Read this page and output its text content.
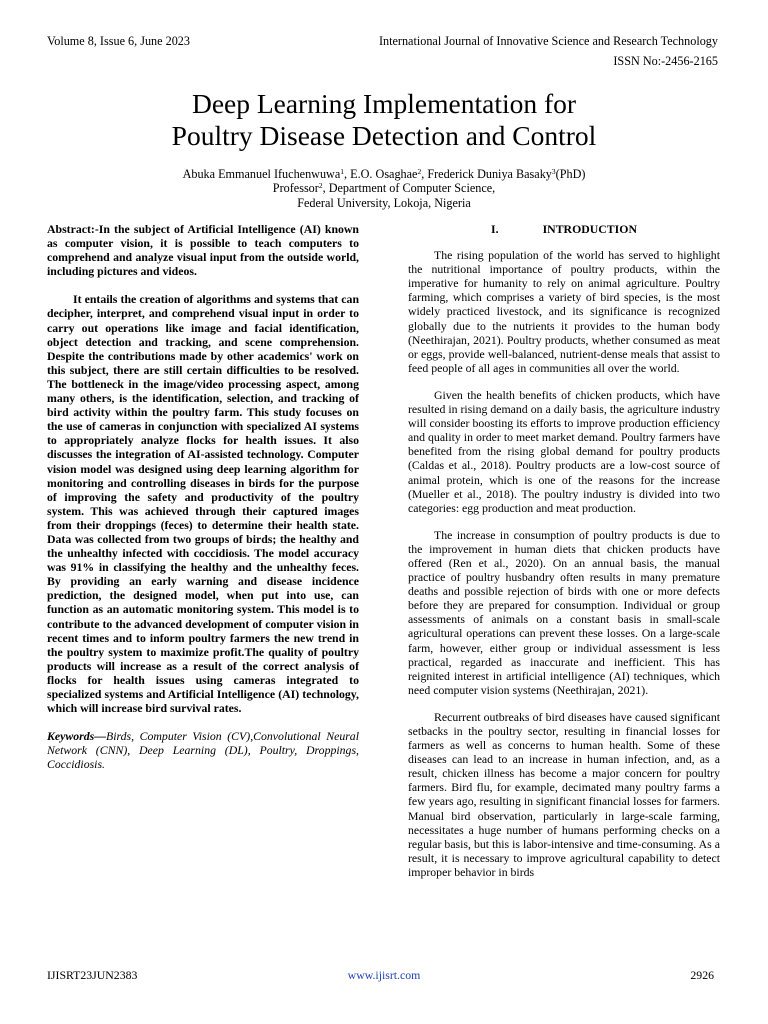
Volume 8, Issue 6, June 2023	International Journal of Innovative Science and Research Technology
ISSN No:-2456-2165
Deep Learning Implementation for
Poultry Disease Detection and Control
Abuka Emmanuel Ifuchenwuwa$^1$, E.O. Osaghae$^2$, Frederick Duniya Basaky$^3$(PhD)
Professor$^2$, Department of Computer Science,
Federal University, Lokoja, Nigeria

Abstract:-In the subject of Artificial Intelligence (AI) known as computer vision, it is possible to teach computers to comprehend and analyze visual input from the outside world, including pictures and videos.

It entails the creation of algorithms and systems that can decipher, interpret, and comprehend visual input in order to carry out operations like image and facial identification, object detection and tracking, and scene comprehension. Despite the contributions made by other academics' work on this subject, there are still certain difficulties to be resolved. The bottleneck in the image/video processing aspect, among many others, is the identification, selection, and tracking of bird activity within the poultry farm. This study focuses on the use of cameras in conjunction with specialized AI systems to appropriately analyze flocks for health issues. It also discusses the integration of AI-assisted technology. Computer vision model was designed using deep learning algorithm for monitoring and controlling diseases in birds for the purpose of improving the safety and productivity of the poultry system. This was achieved through their captured images from their droppings (feces) to determine their health state. Data was collected from two groups of birds; the healthy and the unhealthy infected with coccidiosis. The model accuracy was 91% in classifying the healthy and the unhealthy feces. By providing an early warning and disease incidence prediction, the designed model, when put into use, can function as an automatic monitoring system. This model is to contribute to the advanced development of computer vision in recent times and to inform poultry farmers the new trend in the poultry system to maximize profit.The quality of poultry products will increase as a result of the correct analysis of flocks for health issues using cameras integrated to specialized systems and Artificial Intelligence (AI) technology, which will increase bird survival rates.

Keywords—Birds, Computer Vision (CV),Convolutional Neural Network (CNN), Deep Learning (DL), Poultry, Droppings, Coccidiosis.

I.	INTRODUCTION

The rising population of the world has served to highlight the nutritional importance of poultry products, within the imperative for humanity to rely on animal agriculture. Poultry farming, which comprises a variety of bird species, is the most widely practiced livestock, and its significance is recognized globally due to the nutrients it provides to the human body (Neethirajan, 2021). Poultry products, whether consumed as meat or eggs, provide well-balanced, nutrient-dense meals that assist to feed people of all ages in communities all over the world.

Given the health benefits of chicken products, which have resulted in rising demand on a daily basis, the agriculture industry will consider boosting its efforts to improve production efficiency and quality in order to meet market demand. Poultry farmers have benefited from the rising global demand for poultry products (Caldas et al., 2018). Poultry products are a low-cost source of animal protein, which is one of the reasons for the increase (Mueller et al., 2018). The poultry industry is divided into two categories: egg production and meat production.

The increase in consumption of poultry products is due to the improvement in human diets that chicken products have offered (Ren et al., 2020). On an annual basis, the manual practice of poultry husbandry often results in many premature deaths and possible rejection of birds with one or more defects before they are prepared for consumption. Individual or group assessments of animals on a constant basis in small-scale agricultural operations can prevent these losses. On a large-scale farm, however, either group or individual assessment is less practical, regarded as inaccurate and inefficient. This has reignited interest in artificial intelligence (AI) techniques, which need computer vision systems (Neethirajan, 2021).

Recurrent outbreaks of bird diseases have caused significant setbacks in the poultry sector, resulting in financial losses for farmers as well as concerns to human health. Some of these diseases can lead to an increase in human infection, and, as a result, chicken illness has become a major concern for poultry farmers. Bird flu, for example, decimated many poultry farms a few years ago, resulting in significant financial losses for farmers. Manual bird observation, particularly in large-scale farming, necessitates a huge number of humans performing checks on a regular basis, but this is labor-intensive and time-consuming. As a result, it is necessary to improve agricultural capability to detect improper behavior in birds

IJISRT23JUN2383	www.ijisrt.com	2926
